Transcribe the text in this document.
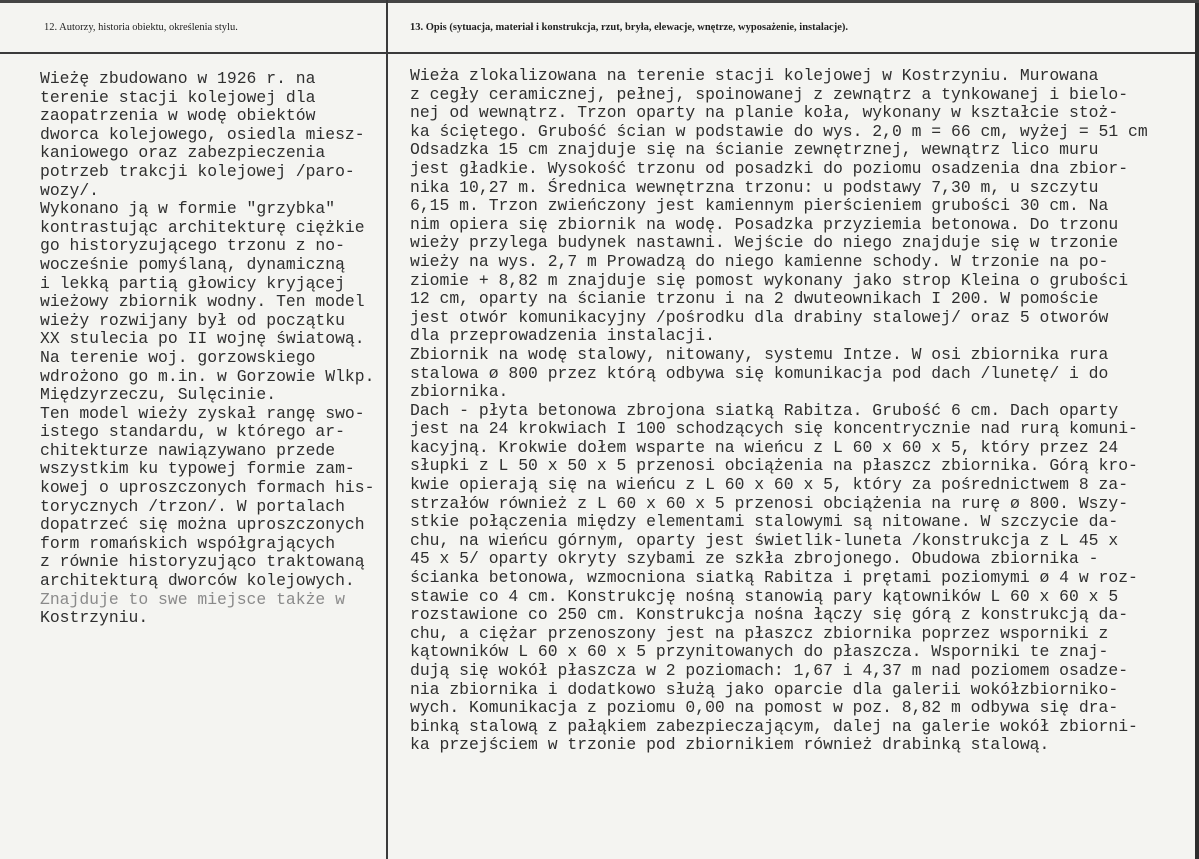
12. Autorzy, historia obiektu, określenia stylu.	13. Opis (sytuacja, materiał i konstrukcja, rzut, bryła, elewacje, wnętrze, wyposażenie, instalacje).

Wieżę zbudowano w 1926 r. na
terenie stacji kolejowej dla
zaopatrzenia w wodę obiektów
dworca kolejowego, osiedla miesz-
kaniowego oraz zabezpieczenia
potrzeb trakcji kolejowej /paro-
wozy/.
Wykonano ją w formie "grzybka"
kontrastując architekturę ciężkie
go historyzującego trzonu z no-
wocześnie pomyślaną, dynamiczną
i lekką partią głowicy kryjącej
wieżowy zbiornik wodny. Ten model
wieży rozwijany był od początku
XX stulecia po II wojnę światową.
Na terenie woj. gorzowskiego
wdrożono go m.in. w Gorzowie Wlkp.
Międzyrzeczu, Sulęcinie.
Ten model wieży zyskał rangę swo-
istego standardu, w którego ar-
chitekturze nawiązywano przede
wszystkim ku typowej formie zam-
kowej o uproszczonych formach his-
torycznych /trzon/. W portalach
dopatrzeć się można uproszczonych
form romańskich współgrających
z równie historyzująco traktowaną
architekturą dworców kolejowych.
Znajduje to swe miejsce także w
Kostrzyniu.
Wieża zlokalizowana na terenie stacji kolejowej w Kostrzyniu. Murowana
z cegły ceramicznej, pełnej, spoinowanej z zewnątrz a tynkowanej i bielo-
nej od wewnątrz. Trzon oparty na planie koła, wykonany w kształcie stoż-
ka ściętego. Grubość ścian w podstawie do wys. 2,0 m = 66 cm, wyżej = 51 cm
Odsadzka 15 cm znajduje się na ścianie zewnętrznej, wewnątrz lico muru
jest gładkie. Wysokość trzonu od posadzki do poziomu osadzenia dna zbior-
nika 10,27 m. Średnica wewnętrzna trzonu: u podstawy 7,30 m, u szczytu
6,15 m. Trzon zwieńczony jest kamiennym pierścieniem grubości 30 cm. Na
nim opiera się zbiornik na wodę. Posadzka przyziemia betonowa. Do trzonu
wieży przylega budynek nastawni. Wejście do niego znajduje się w trzonie
wieży na wys. 2,7 m Prowadzą do niego kamienne schody. W trzonie na po-
ziomie + 8,82 m znajduje się pomost wykonany jako strop Kleina o grubości
12 cm, oparty na ścianie trzonu i na 2 dwuteownikach I 200. W pomoście
jest otwór komunikacyjny /pośrodku dla drabiny stalowej/ oraz 5 otworów
dla przeprowadzenia instalacji.
Zbiornik na wodę stalowy, nitowany, systemu Intze. W osi zbiornika rura
stalowa ø 800 przez którą odbywa się komunikacja pod dach /lunetę/ i do
zbiornika.
Dach - płyta betonowa zbrojona siatką Rabitza. Grubość 6 cm. Dach oparty
jest na 24 krokwiach I 100 schodzących się koncentrycznie nad rurą komuni-
kacyjną. Krokwie dołem wsparte na wieńcu z L 60 x 60 x 5, który przez 24
słupki z L 50 x 50 x 5 przenosi obciążenia na płaszcz zbiornika. Górą kro-
kwie opierają się na wieńcu z L 60 x 60 x 5, który za pośrednictwem 8 za-
strzałów również z L 60 x 60 x 5 przenosi obciążenia na rurę ø 800. Wszy-
stkie połączenia między elementami stalowymi są nitowane. W szczycie da-
chu, na wieńcu górnym, oparty jest świetlik-luneta /konstrukcja z L 45 x
45 x 5/ oparty okryty szybami ze szkła zbrojonego. Obudowa zbiornika -
ścianka betonowa, wzmocniona siatką Rabitza i prętami poziomymi ø 4 w roz-
stawie co 4 cm. Konstrukcję nośną stanowią pary kątowników L 60 x 60 x 5
rozstawione co 250 cm. Konstrukcja nośna łączy się górą z konstrukcją da-
chu, a ciężar przenoszony jest na płaszcz zbiornika poprzez wsporniki z
kątowników L 60 x 60 x 5 przynitowanych do płaszcza. Wsporniki te znaj-
dują się wokół płaszcza w 2 poziomach: 1,67 i 4,37 m nad poziomem osadze-
nia zbiornika i dodatkowo służą jako oparcie dla galerii wokółzbiorniko-
wych. Komunikacja z poziomu 0,00 na pomost w poz. 8,82 m odbywa się dra-
binką stalową z pałąkiem zabezpieczającym, dalej na galerie wokół zbiorni-
ka przejściem w trzonie pod zbiornikiem również drabinką stalową.
